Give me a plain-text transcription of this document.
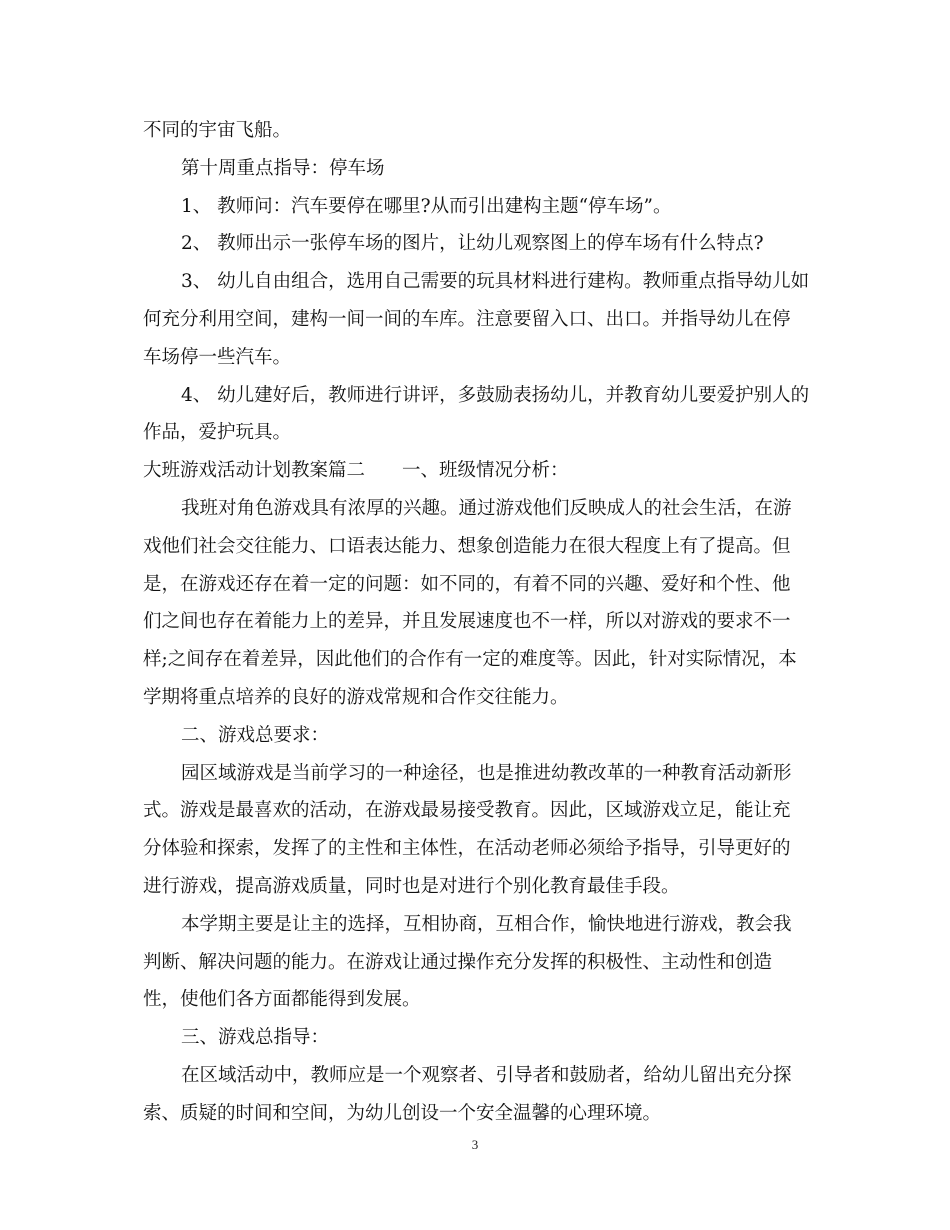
不同的宇宙飞船。

第十周重点指导：停车场

1、 教师问：汽车要停在哪里?从而引出建构主题“停车场”。

2、 教师出示一张停车场的图片，让幼儿观察图上的停车场有什么特点?

3、 幼儿自由组合，选用自己需要的玩具材料进行建构。教师重点指导幼儿如

何充分利用空间，建构一间一间的车库。注意要留入口、出口。并指导幼儿在停

车场停一些汽车。

4、 幼儿建好后，教师进行讲评，多鼓励表扬幼儿，并教育幼儿要爱护别人的

作品，爱护玩具。

大班游戏活动计划教案篇二　　一、班级情况分析：

我班对角色游戏具有浓厚的兴趣。通过游戏他们反映成人的社会生活，在游

戏他们社会交往能力、口语表达能力、想象创造能力在很大程度上有了提高。但

是，在游戏还存在着一定的问题：如不同的，有着不同的兴趣、爱好和个性、他

们之间也存在着能力上的差异，并且发展速度也不一样，所以对游戏的要求不一

样;之间存在着差异，因此他们的合作有一定的难度等。因此，针对实际情况，本

学期将重点培养的良好的游戏常规和合作交往能力。

二、游戏总要求：

园区域游戏是当前学习的一种途径，也是推进幼教改革的一种教育活动新形

式。游戏是最喜欢的活动，在游戏最易接受教育。因此，区域游戏立足，能让充

分体验和探索，发挥了的主性和主体性，在活动老师必须给予指导，引导更好的

进行游戏，提高游戏质量，同时也是对进行个别化教育最佳手段。

本学期主要是让主的选择，互相协商，互相合作，愉快地进行游戏，教会我

判断、解决问题的能力。在游戏让通过操作充分发挥的积极性、主动性和创造

性，使他们各方面都能得到发展。

三、游戏总指导：

在区域活动中，教师应是一个观察者、引导者和鼓励者，给幼儿留出充分探

索、质疑的时间和空间，为幼儿创设一个安全温馨的心理环境。

3
